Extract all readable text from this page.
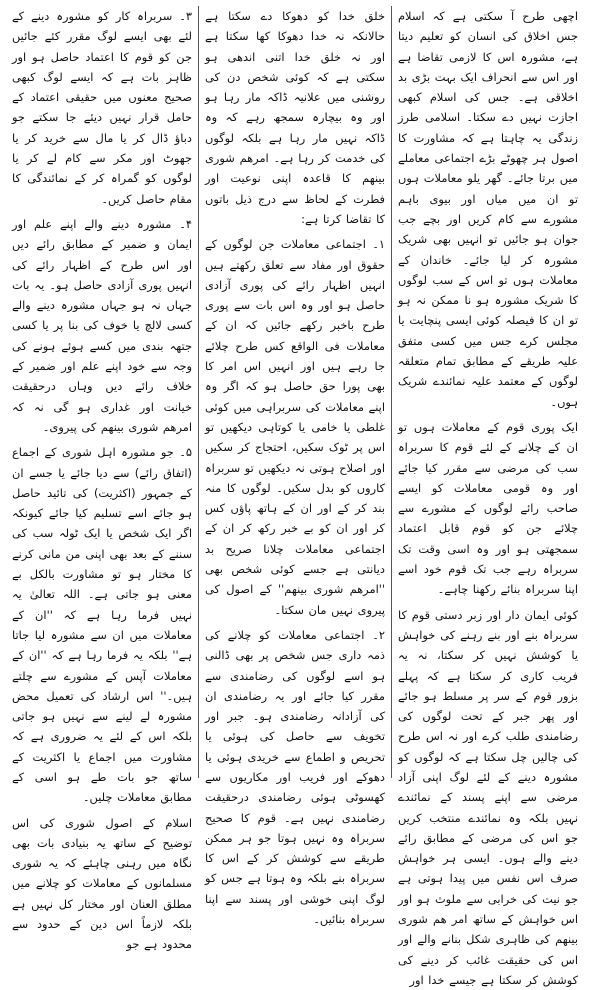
اچھی طرح آ سکتی ہے کہ اسلام جس اخلاق کی انسان کو تعلیم دیتا ہے، مشورہ اس کا لازمی تقاضا ہے اور اس سے انحراف ایک بہت بڑی بد اخلاقی ہے۔ جس کی اسلام کبھی اجازت نہیں دے سکتا۔ اسلامی طرز زندگی یہ چاہتا ہے کہ مشاورت کا اصول ہر چھوٹے بڑے اجتماعی معاملے میں برتا جائے۔ گھر یلو معاملات ہوں تو ان میں میاں اور بیوی باہم مشورے سے کام کریں اور بچے جب جوان ہو جائیں تو انہیں بھی شریک مشورہ کر لیا جائے۔ خاندان کے معاملات ہوں تو اس کے سب لوگوں کا شریک مشورہ ہو نا ممکن نہ ہو تو ان کا فیصلہ کوئی ایسی پنچایت یا مجلس کرے جس میں کسی متفق علیہ طریقے کے مطابق تمام متعلقہ لوگوں کے معتمد علیہ نمائندے شریک ہوں۔

ایک پوری قوم کے معاملات ہوں تو ان کے چلانے کے لئے قوم کا سربراہ سب کی مرضی سے مقرر کیا جائے اور وہ قومی معاملات کو ایسے صاحب رائے لوگوں کے مشورے سے چلائے جن کو قوم قابل اعتماد سمجھتی ہو اور وہ اسی وقت تک سربراہ رہے جب تک قوم خود اسے اپنا سربراہ بنائے رکھنا چاہے۔

کوئی ایمان دار اور زبر دستی قوم کا سربراہ بنے اور بنے رہنے کی خواہش یا کوشش نہیں کر سکتا، نہ یہ فریب کاری کر سکتا ہے کہ پہلے بزور قوم کے سر پر مسلط ہو جائے اور پھر جبر کے تحت لوگوں کی رضامندی طلب کرے اور نہ اس طرح کی چالیں چل سکتا ہے کہ لوگوں کو مشورہ دینے کے لئے لوگ اپنی آزاد مرضی سے اپنے پسند کے نمائندے نہیں بلکہ وہ نمائندے منتخب کریں جو اس کی مرضی کے مطابق رائے دینے والے ہوں۔ ایسی ہر خواہش صرف اس نفس میں پیدا ہوتی ہے جو نیت کی خرابی سے ملوث ہو اور اس خواہش کے ساتھ امر ھم شوری بینھم کی ظاہری شکل بنانے والے اور اس کی حقیقت غائب کر دینے کی کوشش کر سکتا ہے جیسے خدا اور

خلق خدا کو دھوکا دے سکتا ہے حالانکہ نہ خدا دھوکا کھا سکتا ہے اور نہ خلق خدا اتنی اندھی ہو سکتی ہے کہ کوئی شخص دن کی روشنی میں علانیہ ڈاکہ مار رہا ہو اور وہ بیچارہ سمجھ رہے کہ وہ ڈاکہ نہیں مار رہا ہے بلکہ لوگوں کی خدمت کر رہا ہے۔ امرھم شوری بینھم کا قاعدہ اپنی نوعیت اور فطرت کے لحاظ سے درج ذیل باتوں کا تقاضا کرتا ہے:

۱۔ اجتماعی معاملات جن لوگوں کے حقوق اور مفاد سے تعلق رکھتے ہیں انہیں اظہار رائے کی پوری آزادی حاصل ہو اور وہ اس بات سے پوری طرح باخبر رکھے جائیں کہ ان کے معاملات فی الواقع کس طرح چلائے جا رہے ہیں اور انہیں اس امر کا بھی پورا حق حاصل ہو کہ اگر وہ اپنے معاملات کی سربراہی میں کوئی غلطی یا خامی یا کوتاہی دیکھیں تو اس پر ٹوک سکیں، احتجاج کر سکیں اور اصلاح ہوتی نہ دیکھیں تو سربراہ کاروں کو بدل سکیں۔ لوگوں کا منہ بند کر کے اور ان کے ہاتھ پاؤں کس کر اور ان کو بے خبر رکھ کر ان کے اجتماعی معاملات چلانا صریح بد دیانتی ہے جسے کوئی شخص بھی ''امرھم شوری بینھم'' کے اصول کی پیروی نہیں مان سکتا۔

۲۔ اجتماعی معاملات کو چلانے کی ذمہ داری جس شخص پر بھی ڈالنی ہو اسے لوگوں کی رضامندی سے مقرر کیا جائے اور یہ رضامندی ان کی آزادانہ رضامندی ہو۔ جبر اور تخویف سے حاصل کی ہوئی یا تحریص و اطماع سے خریدی ہوئی یا دھوکے اور فریب اور مکاریوں سے کھسوٹی ہوئی رضامندی درحقیقت رضامندی نہیں ہے۔ قوم کا صحیح سربراہ وہ نہیں ہوتا جو ہر ممکن طریقے سے کوشش کر کے اس کا سربراہ بنے بلکہ وہ ہوتا ہے جس کو لوگ اپنی خوشی اور پسند سے اپنا سربراہ بنائیں۔

۳۔ سربراہ کار کو مشورہ دینے کے لئے بھی ایسے لوگ مقرر کئے جائیں جن کو قوم کا اعتماد حاصل ہو اور ظاہر بات ہے کہ ایسے لوگ کبھی صحیح معنوں میں حقیقی اعتماد کے حامل قرار نہیں دیئے جا سکتے جو دباؤ ڈال کر یا مال سے خرید کر یا جھوٹ اور مکر سے کام لے کر یا لوگوں کو گمراہ کر کے نمائندگی کا مقام حاصل کریں۔

۴۔ مشورہ دینے والے اپنے علم اور ایمان و ضمیر کے مطابق رائے دیں اور اس طرح کے اظہار رائے کی انہیں پوری آزادی حاصل ہو۔ یہ بات جہاں نہ ہو جہاں مشورہ دینے والے کسی لالچ یا خوف کی بنا پر یا کسی جتھہ بندی میں کسے ہوئے ہونے کی وجہ سے خود اپنے علم اور ضمیر کے خلاف رائے دیں وہاں درحقیقت خیانت اور غداری ہو گی نہ کہ امرھم شوری بینھم کی پیروی۔

۵۔ جو مشورہ اہل شوری کے اجماع (اتفاق رائے) سے دیا جائے یا جسے ان کے جمہور (اکثریت) کی تائید حاصل ہو جائے اسے تسلیم کیا جائے کیونکہ اگر ایک شخص یا ایک ٹولہ سب کی سننے کے بعد بھی اپنی من مانی کرنے کا مختار ہو تو مشاورت بالکل بے معنی ہو جاتی ہے۔ اللہ تعالیٰ یہ نہیں فرما رہا ہے کہ ''ان کے معاملات میں ان سے مشورہ لیا جاتا ہے'' بلکہ یہ فرما رہا ہے کہ ''ان کے معاملات آپس کے مشورے سے چلتے ہیں۔'' اس ارشاد کی تعمیل محض مشورہ لے لینے سے نہیں ہو جاتی بلکہ اس کے لئے یہ ضروری ہے کہ مشاورت میں اجماع یا اکثریت کے ساتھ جو بات طے ہو اسی کے مطابق معاملات چلیں۔

اسلام کے اصول شوری کی اس توضیح کے ساتھ یہ بنیادی بات بھی نگاہ میں رہنی چاہئے کہ یہ شوری مسلمانوں کے معاملات کو چلانے میں مطلق العنان اور مختار کل نہیں ہے بلکہ لازماً اس دین کے حدود سے محدود ہے جو
